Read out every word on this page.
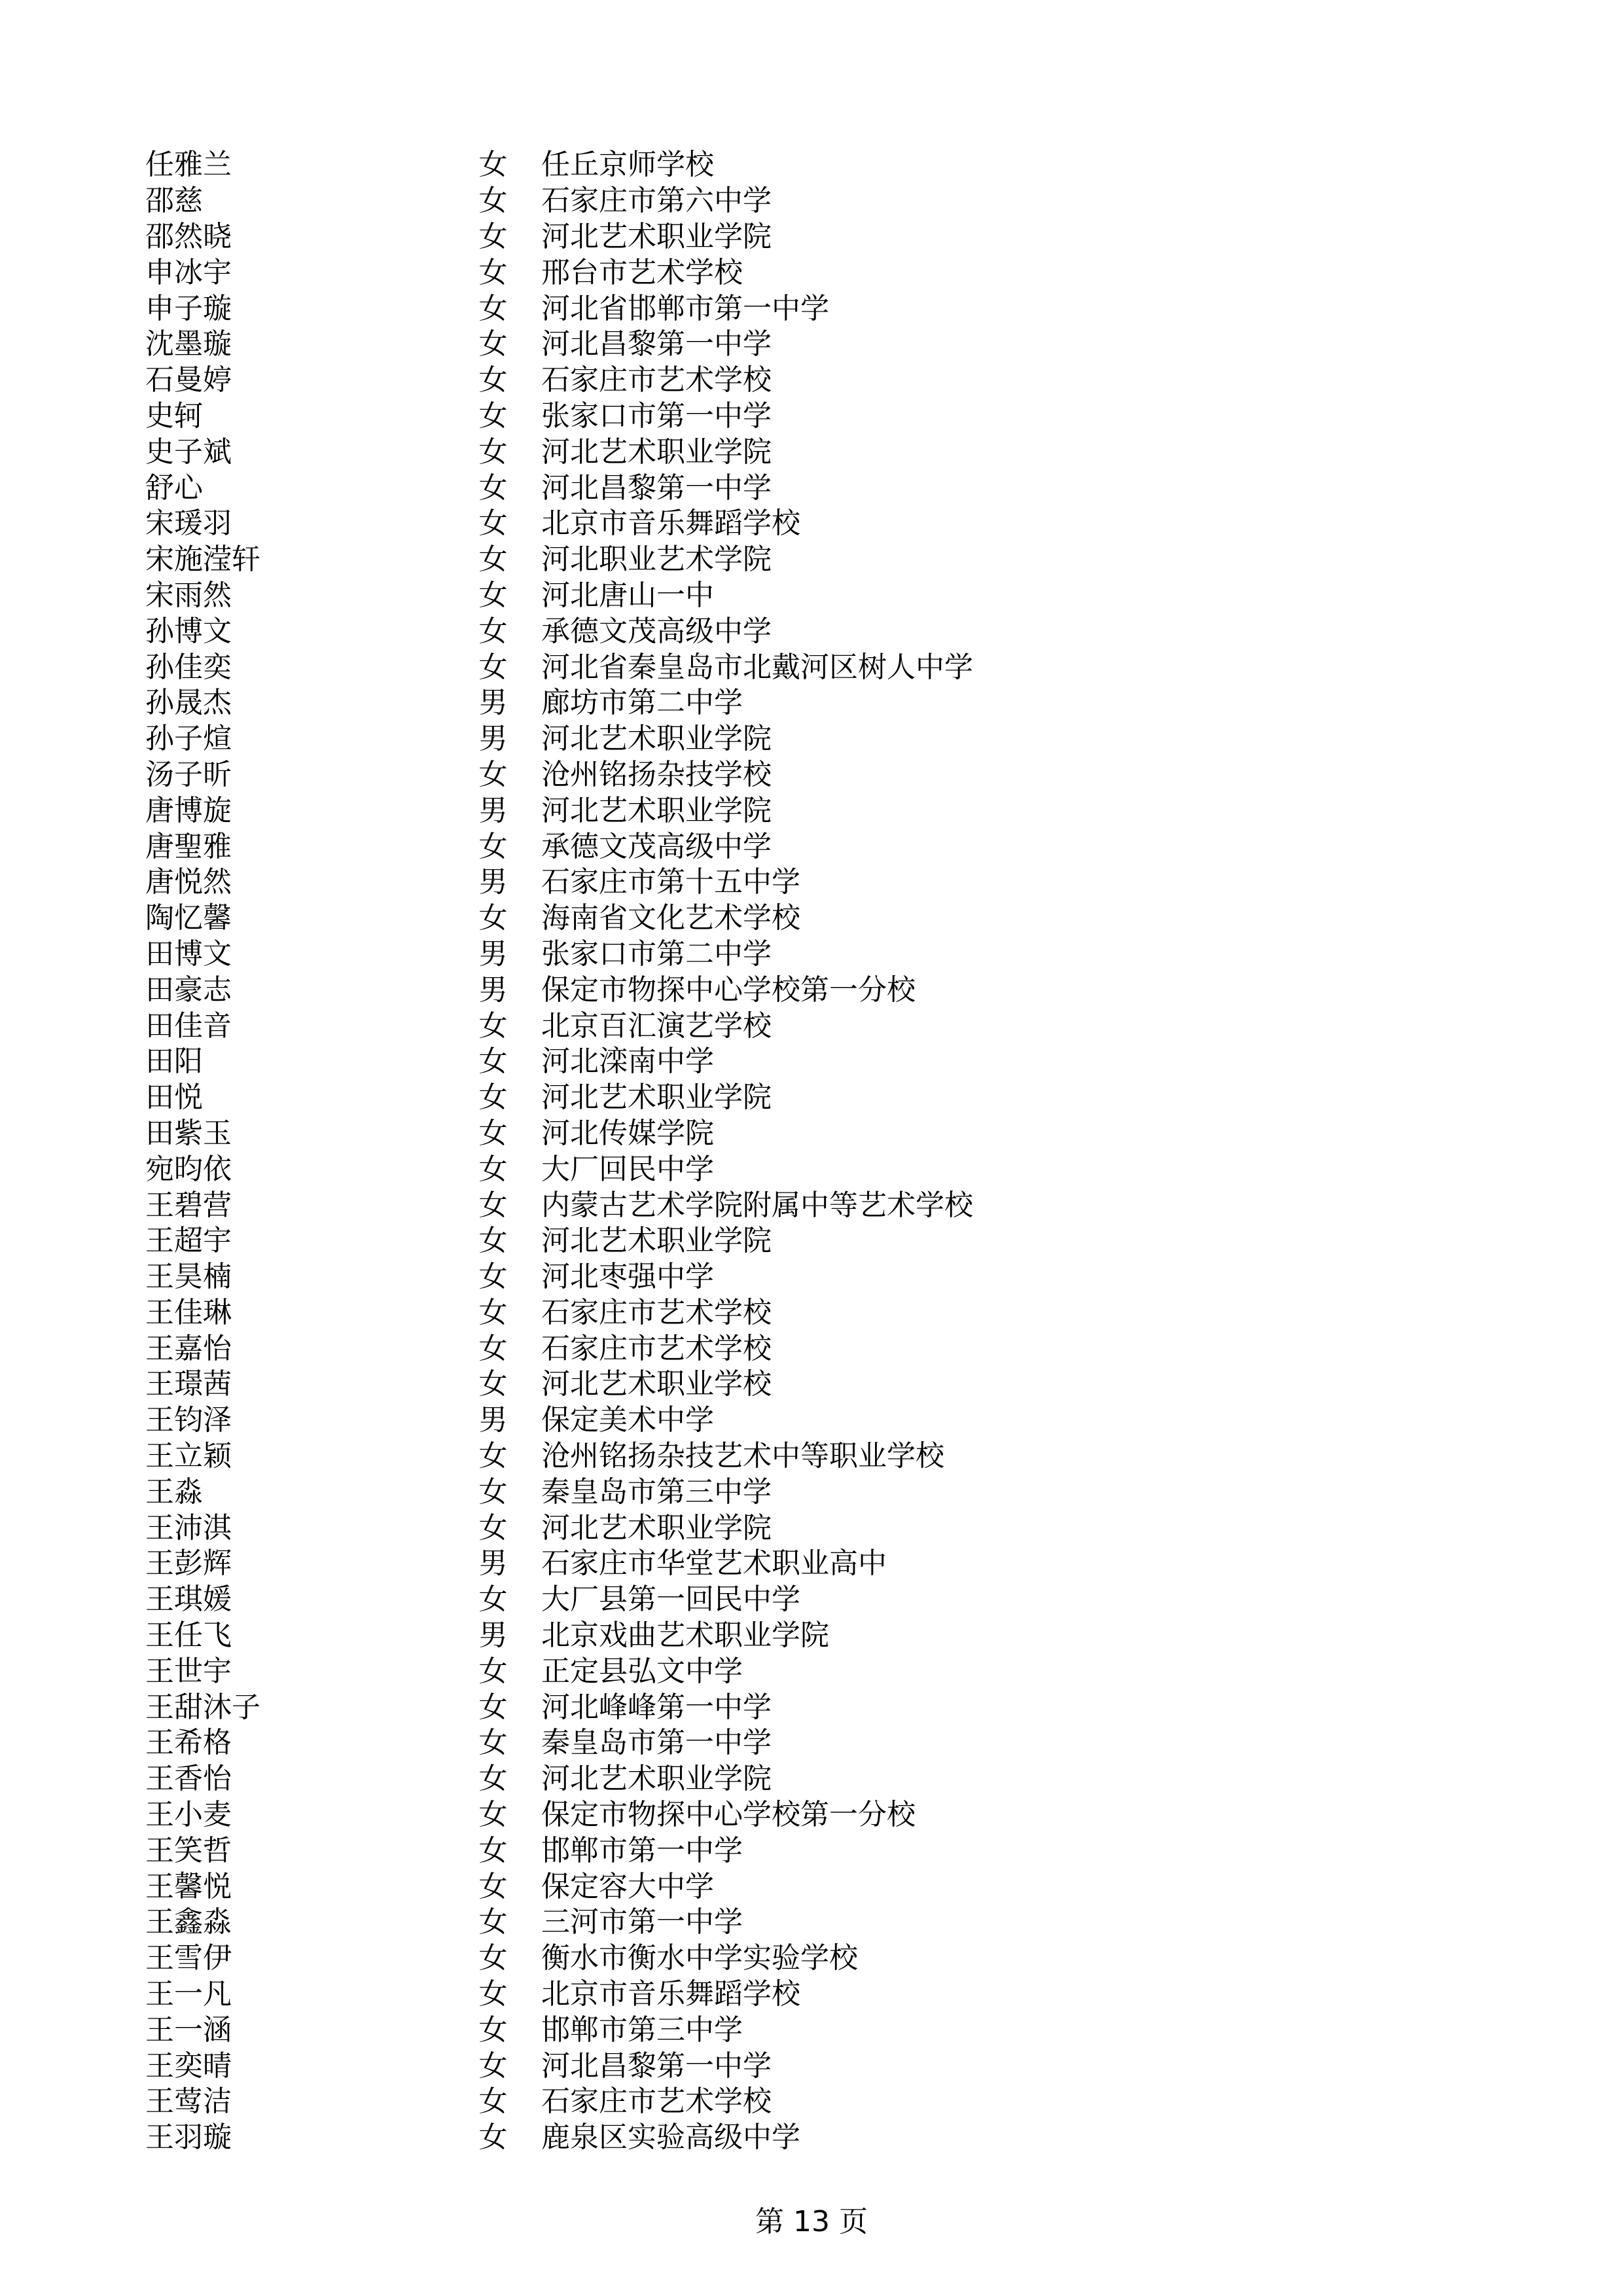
任雅兰	女	任丘京师学校
邵慈	女	石家庄市第六中学
邵然晓	女	河北艺术职业学院
申冰宇	女	邢台市艺术学校
申子璇	女	河北省邯郸市第一中学
沈墨璇	女	河北昌黎第一中学
石曼婷	女	石家庄市艺术学校
史轲	女	张家口市第一中学
史子斌	女	河北艺术职业学院
舒心	女	河北昌黎第一中学
宋瑗羽	女	北京市音乐舞蹈学校
宋施滢轩	女	河北职业艺术学院
宋雨然	女	河北唐山一中
孙博文	女	承德文茂高级中学
孙佳奕	女	河北省秦皇岛市北戴河区树人中学
孙晟杰	男	廊坊市第二中学
孙子煊	男	河北艺术职业学院
汤子昕	女	沧州铭扬杂技学校
唐博旋	男	河北艺术职业学院
唐聖雅	女	承德文茂高级中学
唐悦然	男	石家庄市第十五中学
陶忆馨	女	海南省文化艺术学校
田博文	男	张家口市第二中学
田豪志	男	保定市物探中心学校第一分校
田佳音	女	北京百汇演艺学校
田阳	女	河北滦南中学
田悦	女	河北艺术职业学院
田紫玉	女	河北传媒学院
宛昀依	女	大厂回民中学
王碧营	女	内蒙古艺术学院附属中等艺术学校
王超宇	女	河北艺术职业学院
王昊楠	女	河北枣强中学
王佳琳	女	石家庄市艺术学校
王嘉怡	女	石家庄市艺术学校
王璟茜	女	河北艺术职业学校
王钧泽	男	保定美术中学
王立颖	女	沧州铭扬杂技艺术中等职业学校
王淼	女	秦皇岛市第三中学
王沛淇	女	河北艺术职业学院
王彭辉	男	石家庄市华堂艺术职业高中
王琪媛	女	大厂县第一回民中学
王任飞	男	北京戏曲艺术职业学院
王世宇	女	正定县弘文中学
王甜沐子	女	河北峰峰第一中学
王希格	女	秦皇岛市第一中学
王香怡	女	河北艺术职业学院
王小麦	女	保定市物探中心学校第一分校
王笑哲	女	邯郸市第一中学
王馨悦	女	保定容大中学
王鑫淼	女	三河市第一中学
王雪伊	女	衡水市衡水中学实验学校
王一凡	女	北京市音乐舞蹈学校
王一涵	女	邯郸市第三中学
王奕晴	女	河北昌黎第一中学
王莺洁	女	石家庄市艺术学校
王羽璇	女	鹿泉区实验高级中学
第 13 页
